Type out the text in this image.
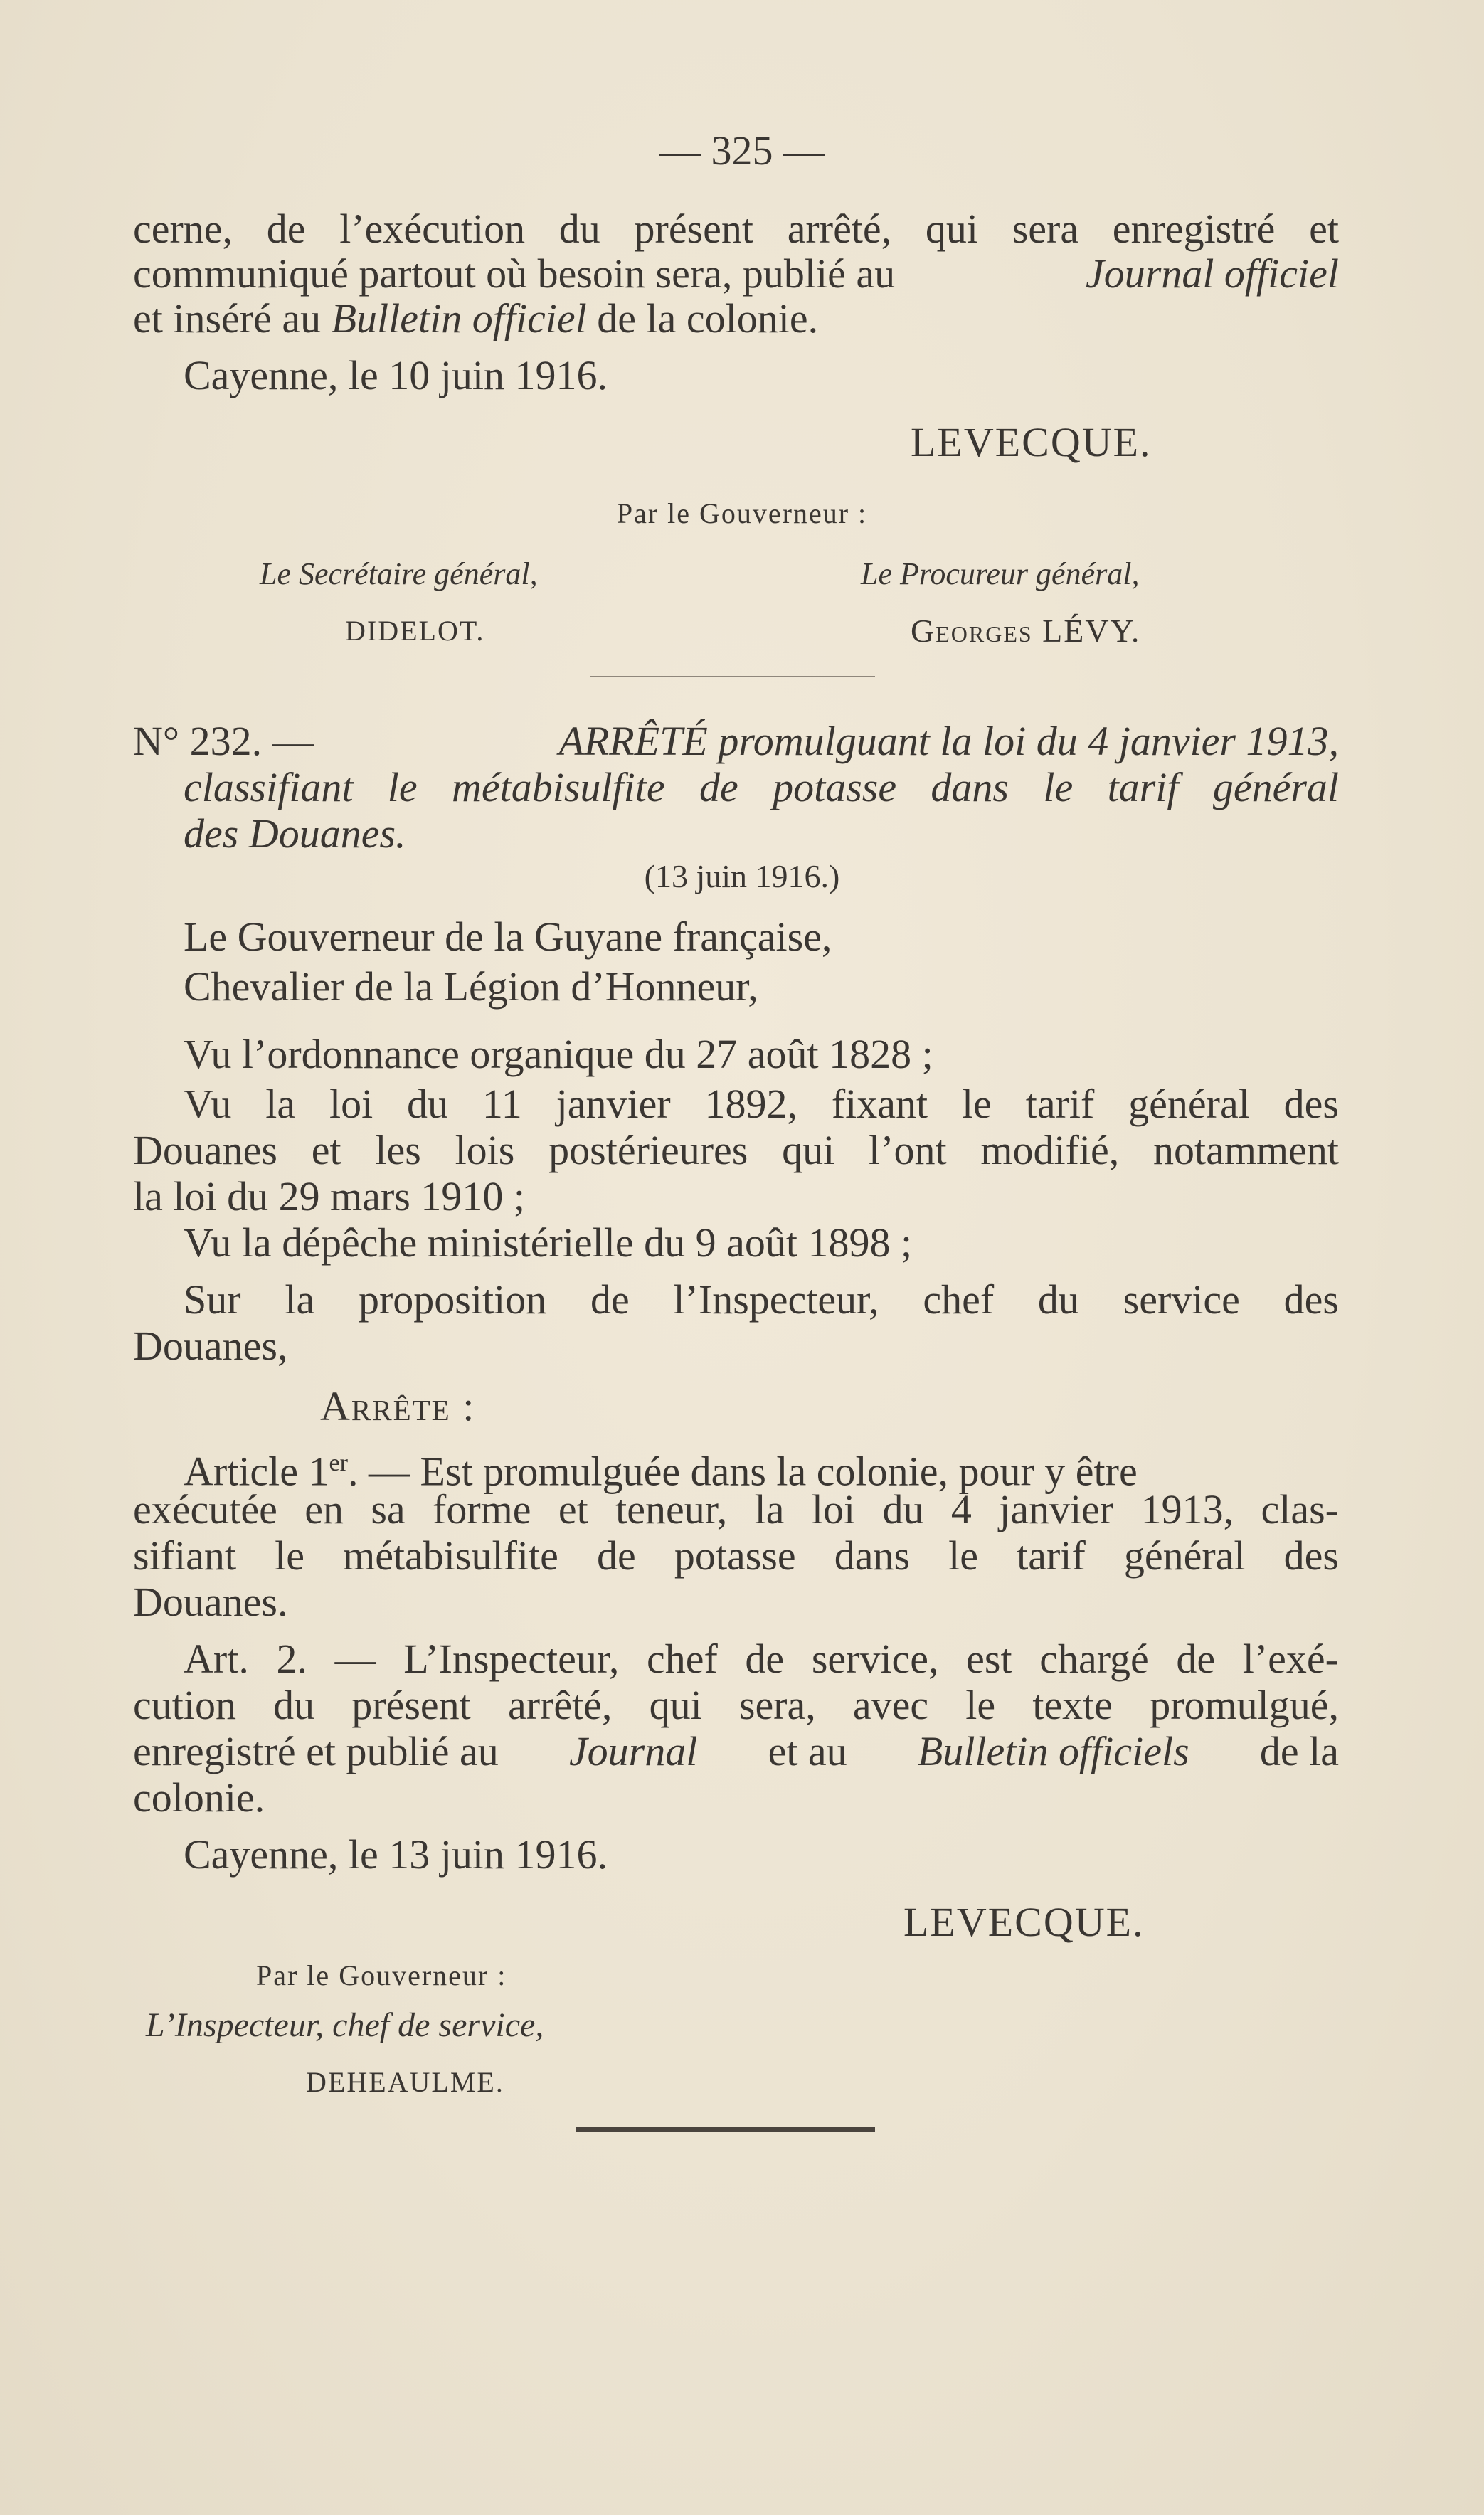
— 325 —
cerne, de l’exécution du présent arrêté, qui sera enregistré et
communiqué partout où besoin sera, publié au	Journal officiel
et inséré au Bulletin officiel de la colonie.
Cayenne, le 10 juin 1916.
LEVECQUE.
Par le Gouverneur :
Le Secrétaire général,
DIDELOT.
Le Procureur général,
Georges LÉVY.
N° 232. —	ARRÊTÉ promulguant la loi du 4 janvier 1913,
classifiant le métabisulfite de potasse dans le tarif général
des Douanes.
(13 juin 1916.)
Le Gouverneur de la Guyane française,
Chevalier de la Légion d’Honneur,
Vu l’ordonnance organique du 27 août 1828 ;
Vu la loi du 11 janvier 1892, fixant le tarif général des
Douanes et les lois postérieures qui l’ont modifié, notamment
la loi du 29 mars 1910 ;
Vu la dépêche ministérielle du 9 août 1898 ;
Sur la proposition de l’Inspecteur, chef du service des
Douanes,
Arrête :
Article 1er. — Est promulguée dans la colonie, pour y être
exécutée en sa forme et teneur, la loi du 4 janvier 1913, clas-
sifiant le métabisulfite de potasse dans le tarif général des
Douanes.
Art. 2. — L’Inspecteur, chef de service, est chargé de l’exé-
cution du présent arrêté, qui sera, avec le texte promulgué,
enregistré et publié au Journal et au Bulletin officiels de la
colonie.
Cayenne, le 13 juin 1916.
LEVECQUE.
Par le Gouverneur :
L’Inspecteur, chef de service,
DEHEAULME.
